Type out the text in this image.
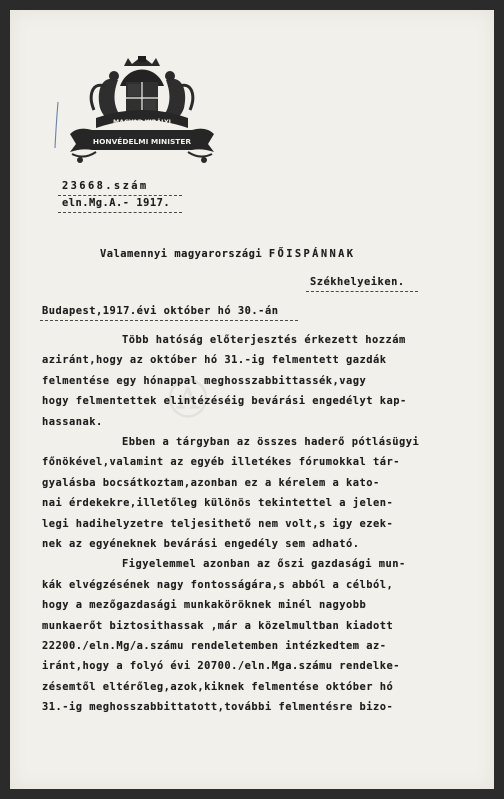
MAGYAR KIRÁLYI
HONVÉDELMI MINISTER
23668.szám
eln.Mg.A.- 1917.
Valamennyi magyarországi FŐISPÁNNAK
Székhelyeiken.
Budapest,1917.évi október hó 30.-án
Ⓐ
Több hatóság előterjesztés érkezett hozzám
aziránt,hogy az október hó 31.-ig felmentett gazdák
felmentése egy hónappal meghosszabbittassék,vagy
hogy felmentettek elintézéséig bevárási engedélyt kap-
hassanak.
Ebben a tárgyban az összes haderő pótlásügyi
főnökével,valamint az egyéb illetékes fórumokkal tár-
gyalásba bocsátkoztam,azonban ez a kérelem a kato-
nai érdekekre,illetőleg különös tekintettel a jelen-
legi hadihelyzetre teljesithető nem volt,s igy ezek-
nek az egyéneknek bevárási engedély sem adható.
Figyelemmel azonban az őszi gazdasági mun-
kák elvégzésének nagy fontosságára,s abból a célból,
hogy a mezőgazdasági munkaköröknek minél nagyobb
munkaerőt biztosithassak ,már a közelmultban kiadott
22200./eln.Mg/a.számu rendeletemben intézkedtem az-
iránt,hogy a folyó évi 20700./eln.Mga.számu rendelke-
zésemtől eltérőleg,azok,kiknek felmentése október hó
31.-ig meghosszabbittatott,további felmentésre bizo-
